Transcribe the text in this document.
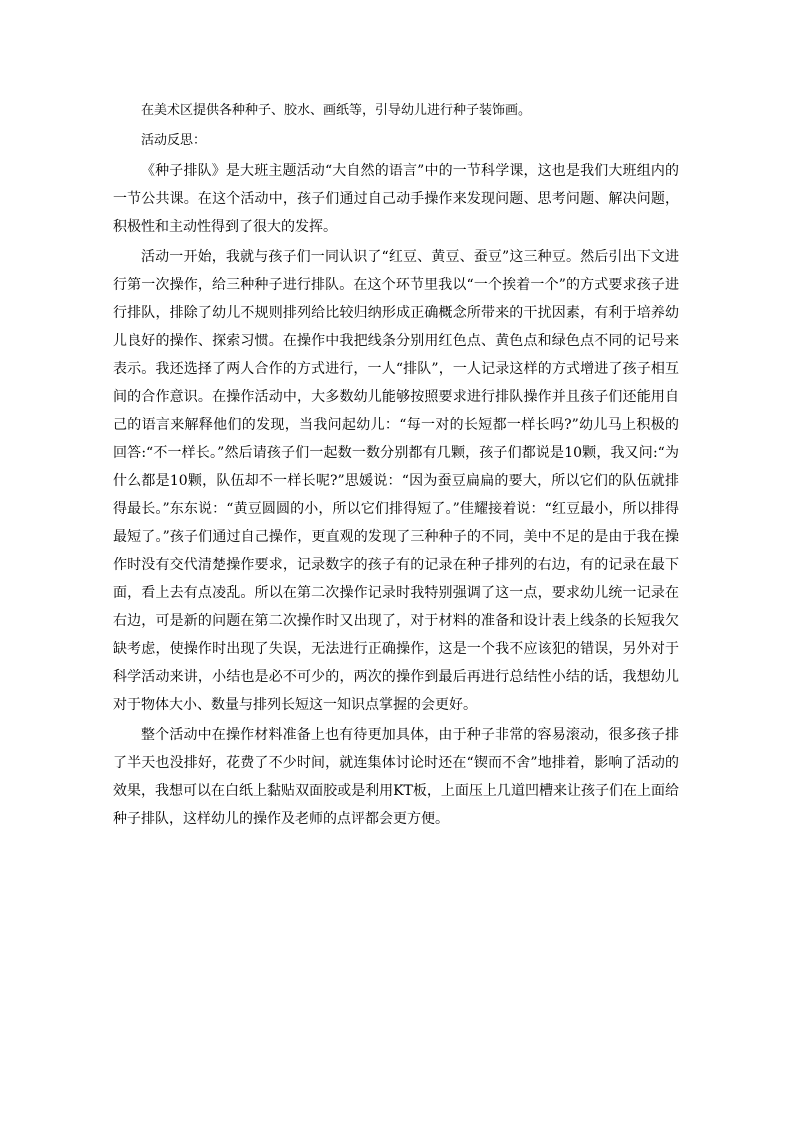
在美术区提供各种种子、胶水、画纸等，引导幼儿进行种子装饰画。

活动反思：

《种子排队》是大班主题活动“大自然的语言”中的一节科学课，这也是我们大班组内的一节公共课。在这个活动中，孩子们通过自己动手操作来发现问题、思考问题、解决问题，积极性和主动性得到了很大的发挥。

活动一开始，我就与孩子们一同认识了“红豆、黄豆、蚕豆”这三种豆。然后引出下文进行第一次操作，给三种种子进行排队。在这个环节里我以“一个挨着一个”的方式要求孩子进行排队，排除了幼儿不规则排列给比较归纳形成正确概念所带来的干扰因素，有利于培养幼儿良好的操作、探索习惯。在操作中我把线条分别用红色点、黄色点和绿色点不同的记号来表示。我还选择了两人合作的方式进行，一人“排队”，一人记录这样的方式增进了孩子相互间的合作意识。在操作活动中，大多数幼儿能够按照要求进行排队操作并且孩子们还能用自己的语言来解释他们的发现，当我问起幼儿：“每一对的长短都一样长吗?”幼儿马上积极的回答:“不一样长。”然后请孩子们一起数一数分别都有几颗，孩子们都说是10颗，我又问:“为什么都是10颗，队伍却不一样长呢?”思媛说：“因为蚕豆扁扁的要大，所以它们的队伍就排得最长。”东东说：“黄豆圆圆的小，所以它们排得短了。”佳耀接着说：“红豆最小，所以排得最短了。”孩子们通过自己操作，更直观的发现了三种种子的不同，美中不足的是由于我在操作时没有交代清楚操作要求，记录数字的孩子有的记录在种子排列的右边，有的记录在最下面，看上去有点凌乱。所以在第二次操作记录时我特别强调了这一点，要求幼儿统一记录在右边，可是新的问题在第二次操作时又出现了，对于材料的准备和设计表上线条的长短我欠缺考虑，使操作时出现了失误，无法进行正确操作，这是一个我不应该犯的错误，另外对于科学活动来讲，小结也是必不可少的，两次的操作到最后再进行总结性小结的话，我想幼儿对于物体大小、数量与排列长短这一知识点掌握的会更好。

整个活动中在操作材料准备上也有待更加具体，由于种子非常的容易滚动，很多孩子排了半天也没排好，花费了不少时间，就连集体讨论时还在“锲而不舍”地排着，影响了活动的效果，我想可以在白纸上黏贴双面胶或是利用KT板，上面压上几道凹槽来让孩子们在上面给种子排队，这样幼儿的操作及老师的点评都会更方便。
